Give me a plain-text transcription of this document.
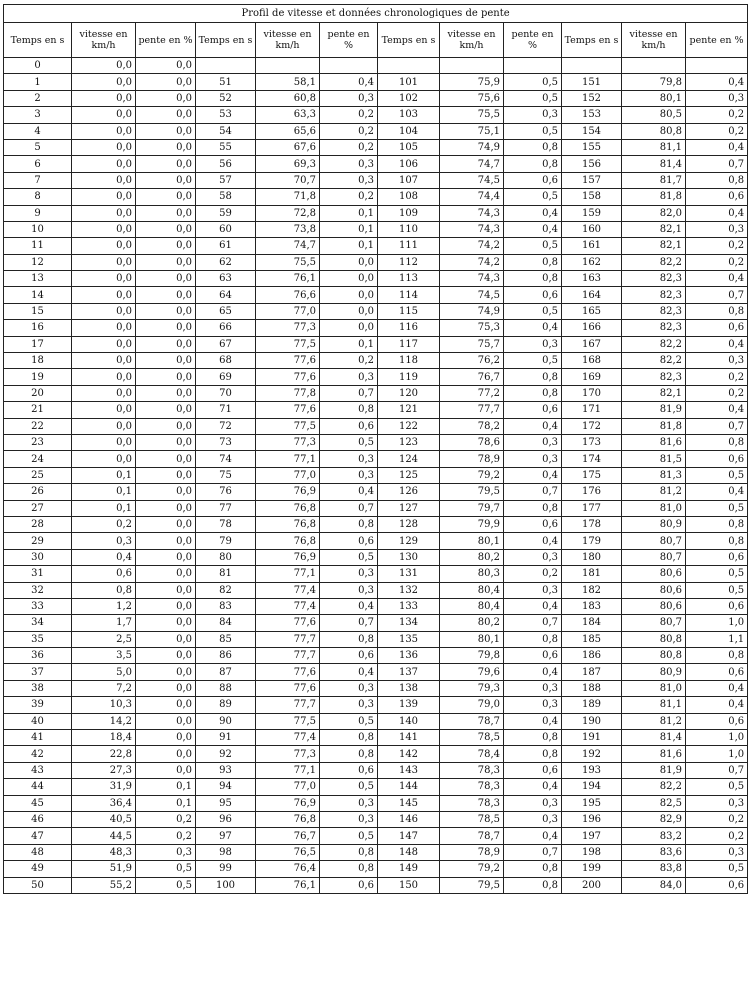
Profil de vitesse et données chronologiques de pente											
Temps en s	vitesse en km/h	pente en %	Temps en s	vitesse en km/h	pente en %	Temps en s	vitesse en km/h	pente en %	Temps en s	vitesse en km/h	pente en %
0	0,0	0,0									
1	0,0	0,0	51	58,1	0,4	101	75,9	0,5	151	79,8	0,4
2	0,0	0,0	52	60,8	0,3	102	75,6	0,5	152	80,1	0,3
3	0,0	0,0	53	63,3	0,2	103	75,5	0,3	153	80,5	0,2
4	0,0	0,0	54	65,6	0,2	104	75,1	0,5	154	80,8	0,2
5	0,0	0,0	55	67,6	0,2	105	74,9	0,8	155	81,1	0,4
6	0,0	0,0	56	69,3	0,3	106	74,7	0,8	156	81,4	0,7
7	0,0	0,0	57	70,7	0,3	107	74,5	0,6	157	81,7	0,8
8	0,0	0,0	58	71,8	0,2	108	74,4	0,5	158	81,8	0,6
9	0,0	0,0	59	72,8	0,1	109	74,3	0,4	159	82,0	0,4
10	0,0	0,0	60	73,8	0,1	110	74,3	0,4	160	82,1	0,3
11	0,0	0,0	61	74,7	0,1	111	74,2	0,5	161	82,1	0,2
12	0,0	0,0	62	75,5	0,0	112	74,2	0,8	162	82,2	0,2
13	0,0	0,0	63	76,1	0,0	113	74,3	0,8	163	82,3	0,4
14	0,0	0,0	64	76,6	0,0	114	74,5	0,6	164	82,3	0,7
15	0,0	0,0	65	77,0	0,0	115	74,9	0,5	165	82,3	0,8
16	0,0	0,0	66	77,3	0,0	116	75,3	0,4	166	82,3	0,6
17	0,0	0,0	67	77,5	0,1	117	75,7	0,3	167	82,2	0,4
18	0,0	0,0	68	77,6	0,2	118	76,2	0,5	168	82,2	0,3
19	0,0	0,0	69	77,6	0,3	119	76,7	0,8	169	82,3	0,2
20	0,0	0,0	70	77,8	0,7	120	77,2	0,8	170	82,1	0,2
21	0,0	0,0	71	77,6	0,8	121	77,7	0,6	171	81,9	0,4
22	0,0	0,0	72	77,5	0,6	122	78,2	0,4	172	81,8	0,7
23	0,0	0,0	73	77,3	0,5	123	78,6	0,3	173	81,6	0,8
24	0,0	0,0	74	77,1	0,3	124	78,9	0,3	174	81,5	0,6
25	0,1	0,0	75	77,0	0,3	125	79,2	0,4	175	81,3	0,5
26	0,1	0,0	76	76,9	0,4	126	79,5	0,7	176	81,2	0,4
27	0,1	0,0	77	76,8	0,7	127	79,7	0,8	177	81,0	0,5
28	0,2	0,0	78	76,8	0,8	128	79,9	0,6	178	80,9	0,8
29	0,3	0,0	79	76,8	0,6	129	80,1	0,4	179	80,7	0,8
30	0,4	0,0	80	76,9	0,5	130	80,2	0,3	180	80,7	0,6
31	0,6	0,0	81	77,1	0,3	131	80,3	0,2	181	80,6	0,5
32	0,8	0,0	82	77,4	0,3	132	80,4	0,3	182	80,6	0,5
33	1,2	0,0	83	77,4	0,4	133	80,4	0,4	183	80,6	0,6
34	1,7	0,0	84	77,6	0,7	134	80,2	0,7	184	80,7	1,0
35	2,5	0,0	85	77,7	0,8	135	80,1	0,8	185	80,8	1,1
36	3,5	0,0	86	77,7	0,6	136	79,8	0,6	186	80,8	0,8
37	5,0	0,0	87	77,6	0,4	137	79,6	0,4	187	80,9	0,6
38	7,2	0,0	88	77,6	0,3	138	79,3	0,3	188	81,0	0,4
39	10,3	0,0	89	77,7	0,3	139	79,0	0,3	189	81,1	0,4
40	14,2	0,0	90	77,5	0,5	140	78,7	0,4	190	81,2	0,6
41	18,4	0,0	91	77,4	0,8	141	78,5	0,8	191	81,4	1,0
42	22,8	0,0	92	77,3	0,8	142	78,4	0,8	192	81,6	1,0
43	27,3	0,0	93	77,1	0,6	143	78,3	0,6	193	81,9	0,7
44	31,9	0,1	94	77,0	0,5	144	78,3	0,4	194	82,2	0,5
45	36,4	0,1	95	76,9	0,3	145	78,3	0,3	195	82,5	0,3
46	40,5	0,2	96	76,8	0,3	146	78,5	0,3	196	82,9	0,2
47	44,5	0,2	97	76,7	0,5	147	78,7	0,4	197	83,2	0,2
48	48,3	0,3	98	76,5	0,8	148	78,9	0,7	198	83,6	0,3
49	51,9	0,5	99	76,4	0,8	149	79,2	0,8	199	83,8	0,5
50	55,2	0,5	100	76,1	0,6	150	79,5	0,8	200	84,0	0,6
